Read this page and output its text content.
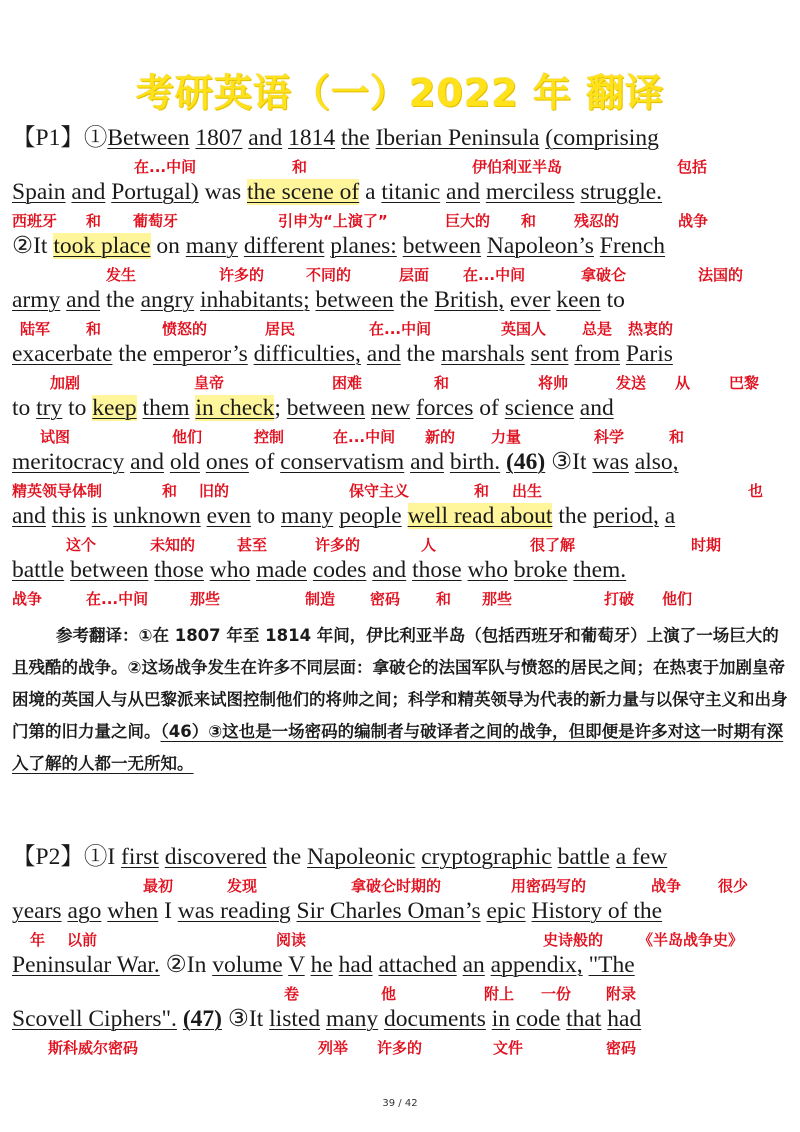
考研英语（一）2022 年 翻译
【P1】①Between 1807 and 1814 the Iberian Peninsula (comprising
在...中间	和	伊伯利亚半岛	包括
Spain and Portugal) was the scene of a titanic and merciless struggle.
西班牙 和 葡萄牙	引申为“上演了”	巨大的 和	残忍的	战争
②It took place on many different planes: between Napoleon’s French
发生	许多的	不同的	层面 在...中间	拿破仑	法国的
army and the angry inhabitants; between the British, ever keen to
陆军 和	愤怒的	居民	在...中间	英国人 总是 热衷的
exacerbate the emperor’s difficulties, and the marshals sent from Paris
加剧	皇帝	困难	和	将帅	发送 从	巴黎
to try to keep them in check; between new forces of science and
试图	他们	控制	在...中间 新的 力量	科学	和
meritocracy and old ones of conservatism and birth. (46) ③It was also,
精英领导体制	和 旧的	保守主义	和 出生	也
and this is unknown even to many people well read about the period, a
这个	未知的	甚至	许多的	人	很了解	时期
battle between those who made codes and those who broke them.
战争	在...中间	那些	制造 密码 和 那些	打破 他们
参考翻译：①在 1807 年至 1814 年间，伊比利亚半岛（包括西班牙和葡萄牙）上演了一场巨大的且残酷的战争。②这场战争发生在许多不同层面：拿破仑的法国军队与愤怒的居民之间；在热衷于加剧皇帝困境的英国人与从巴黎派来试图控制他们的将帅之间；科学和精英领导为代表的新力量与以保守主义和出身门第的旧力量之间。（46）③这也是一场密码的编制者与破译者之间的战争，但即便是许多对这一时期有深入了解的人都一无所知。
【P2】①I first discovered the Napoleonic cryptographic battle a few
最初	发现	拿破仑时期的	用密码写的	战争 很少
years ago when I was reading Sir Charles Oman’s epic History of the
年 以前	阅读	史诗般的 《半岛战争史》
Peninsular War. ②In volume V he had attached an appendix, "The
卷	他	附上 一份 附录
Scovell Ciphers". (47) ③It listed many documents in code that had
斯科威尔密码	列举 许多的	文件	密码
39 / 42
